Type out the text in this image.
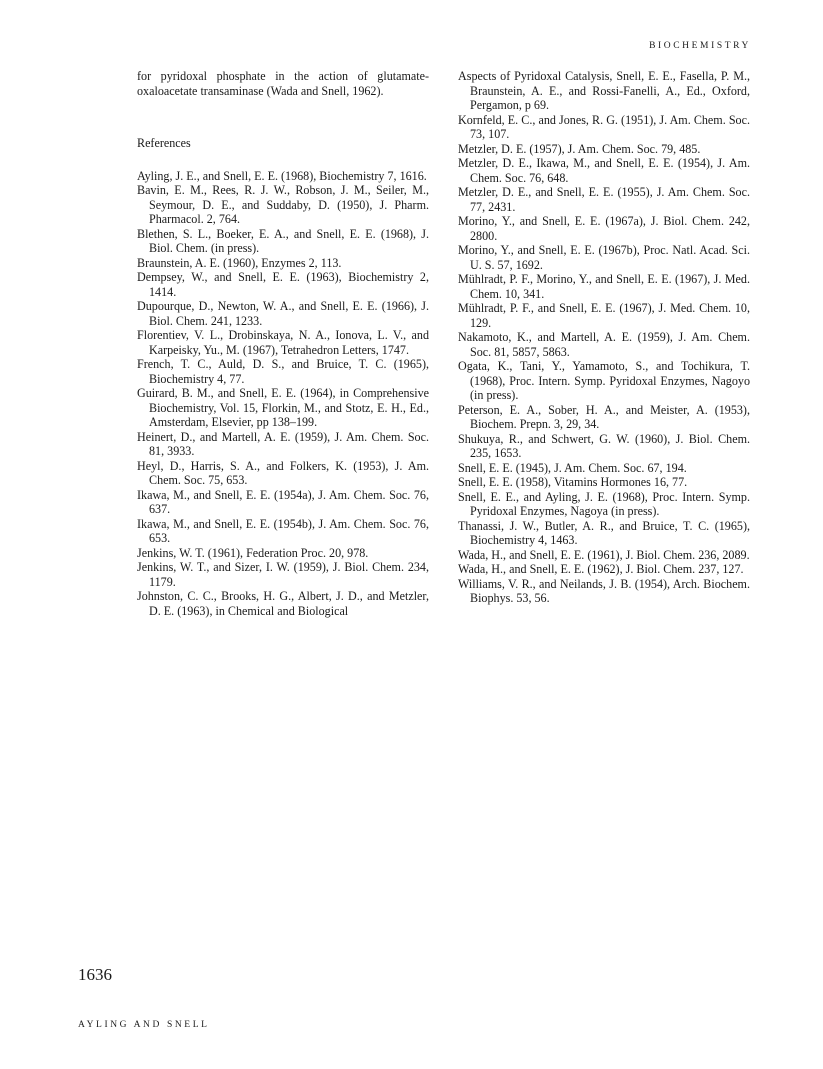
BIOCHEMISTRY

for pyridoxal phosphate in the action of glutamate-oxaloacetate transaminase (Wada and Snell, 1962).

References

Ayling, J. E., and Snell, E. E. (1968), Biochemistry 7, 1616.
Bavin, E. M., Rees, R. J. W., Robson, J. M., Seiler, M., Seymour, D. E., and Suddaby, D. (1950), J. Pharm. Pharmacol. 2, 764.
Blethen, S. L., Boeker, E. A., and Snell, E. E. (1968), J. Biol. Chem. (in press).
Braunstein, A. E. (1960), Enzymes 2, 113.
Dempsey, W., and Snell, E. E. (1963), Biochemistry 2, 1414.
Dupourque, D., Newton, W. A., and Snell, E. E. (1966), J. Biol. Chem. 241, 1233.
Florentiev, V. L., Drobinskaya, N. A., Ionova, L. V., and Karpeisky, Yu., M. (1967), Tetrahedron Letters, 1747.
French, T. C., Auld, D. S., and Bruice, T. C. (1965), Biochemistry 4, 77.
Guirard, B. M., and Snell, E. E. (1964), in Comprehensive Biochemistry, Vol. 15, Florkin, M., and Stotz, E. H., Ed., Amsterdam, Elsevier, pp 138–199.
Heinert, D., and Martell, A. E. (1959), J. Am. Chem. Soc. 81, 3933.
Heyl, D., Harris, S. A., and Folkers, K. (1953), J. Am. Chem. Soc. 75, 653.
Ikawa, M., and Snell, E. E. (1954a), J. Am. Chem. Soc. 76, 637.
Ikawa, M., and Snell, E. E. (1954b), J. Am. Chem. Soc. 76, 653.
Jenkins, W. T. (1961), Federation Proc. 20, 978.
Jenkins, W. T., and Sizer, I. W. (1959), J. Biol. Chem. 234, 1179.
Johnston, C. C., Brooks, H. G., Albert, J. D., and Metzler, D. E. (1963), in Chemical and Biological
Aspects of Pyridoxal Catalysis, Snell, E. E., Fasella, P. M., Braunstein, A. E., and Rossi-Fanelli, A., Ed., Oxford, Pergamon, p 69.
Kornfeld, E. C., and Jones, R. G. (1951), J. Am. Chem. Soc. 73, 107.
Metzler, D. E. (1957), J. Am. Chem. Soc. 79, 485.
Metzler, D. E., Ikawa, M., and Snell, E. E. (1954), J. Am. Chem. Soc. 76, 648.
Metzler, D. E., and Snell, E. E. (1955), J. Am. Chem. Soc. 77, 2431.
Morino, Y., and Snell, E. E. (1967a), J. Biol. Chem. 242, 2800.
Morino, Y., and Snell, E. E. (1967b), Proc. Natl. Acad. Sci. U. S. 57, 1692.
Mühlradt, P. F., Morino, Y., and Snell, E. E. (1967), J. Med. Chem. 10, 341.
Mühlradt, P. F., and Snell, E. E. (1967), J. Med. Chem. 10, 129.
Nakamoto, K., and Martell, A. E. (1959), J. Am. Chem. Soc. 81, 5857, 5863.
Ogata, K., Tani, Y., Yamamoto, S., and Tochikura, T. (1968), Proc. Intern. Symp. Pyridoxal Enzymes, Nagoyo (in press).
Peterson, E. A., Sober, H. A., and Meister, A. (1953), Biochem. Prepn. 3, 29, 34.
Shukuya, R., and Schwert, G. W. (1960), J. Biol. Chem. 235, 1653.
Snell, E. E. (1945), J. Am. Chem. Soc. 67, 194.
Snell, E. E. (1958), Vitamins Hormones 16, 77.
Snell, E. E., and Ayling, J. E. (1968), Proc. Intern. Symp. Pyridoxal Enzymes, Nagoya (in press).
Thanassi, J. W., Butler, A. R., and Bruice, T. C. (1965), Biochemistry 4, 1463.
Wada, H., and Snell, E. E. (1961), J. Biol. Chem. 236, 2089.
Wada, H., and Snell, E. E. (1962), J. Biol. Chem. 237, 127.
Williams, V. R., and Neilands, J. B. (1954), Arch. Biochem. Biophys. 53, 56.
1636
AYLING AND SNELL
